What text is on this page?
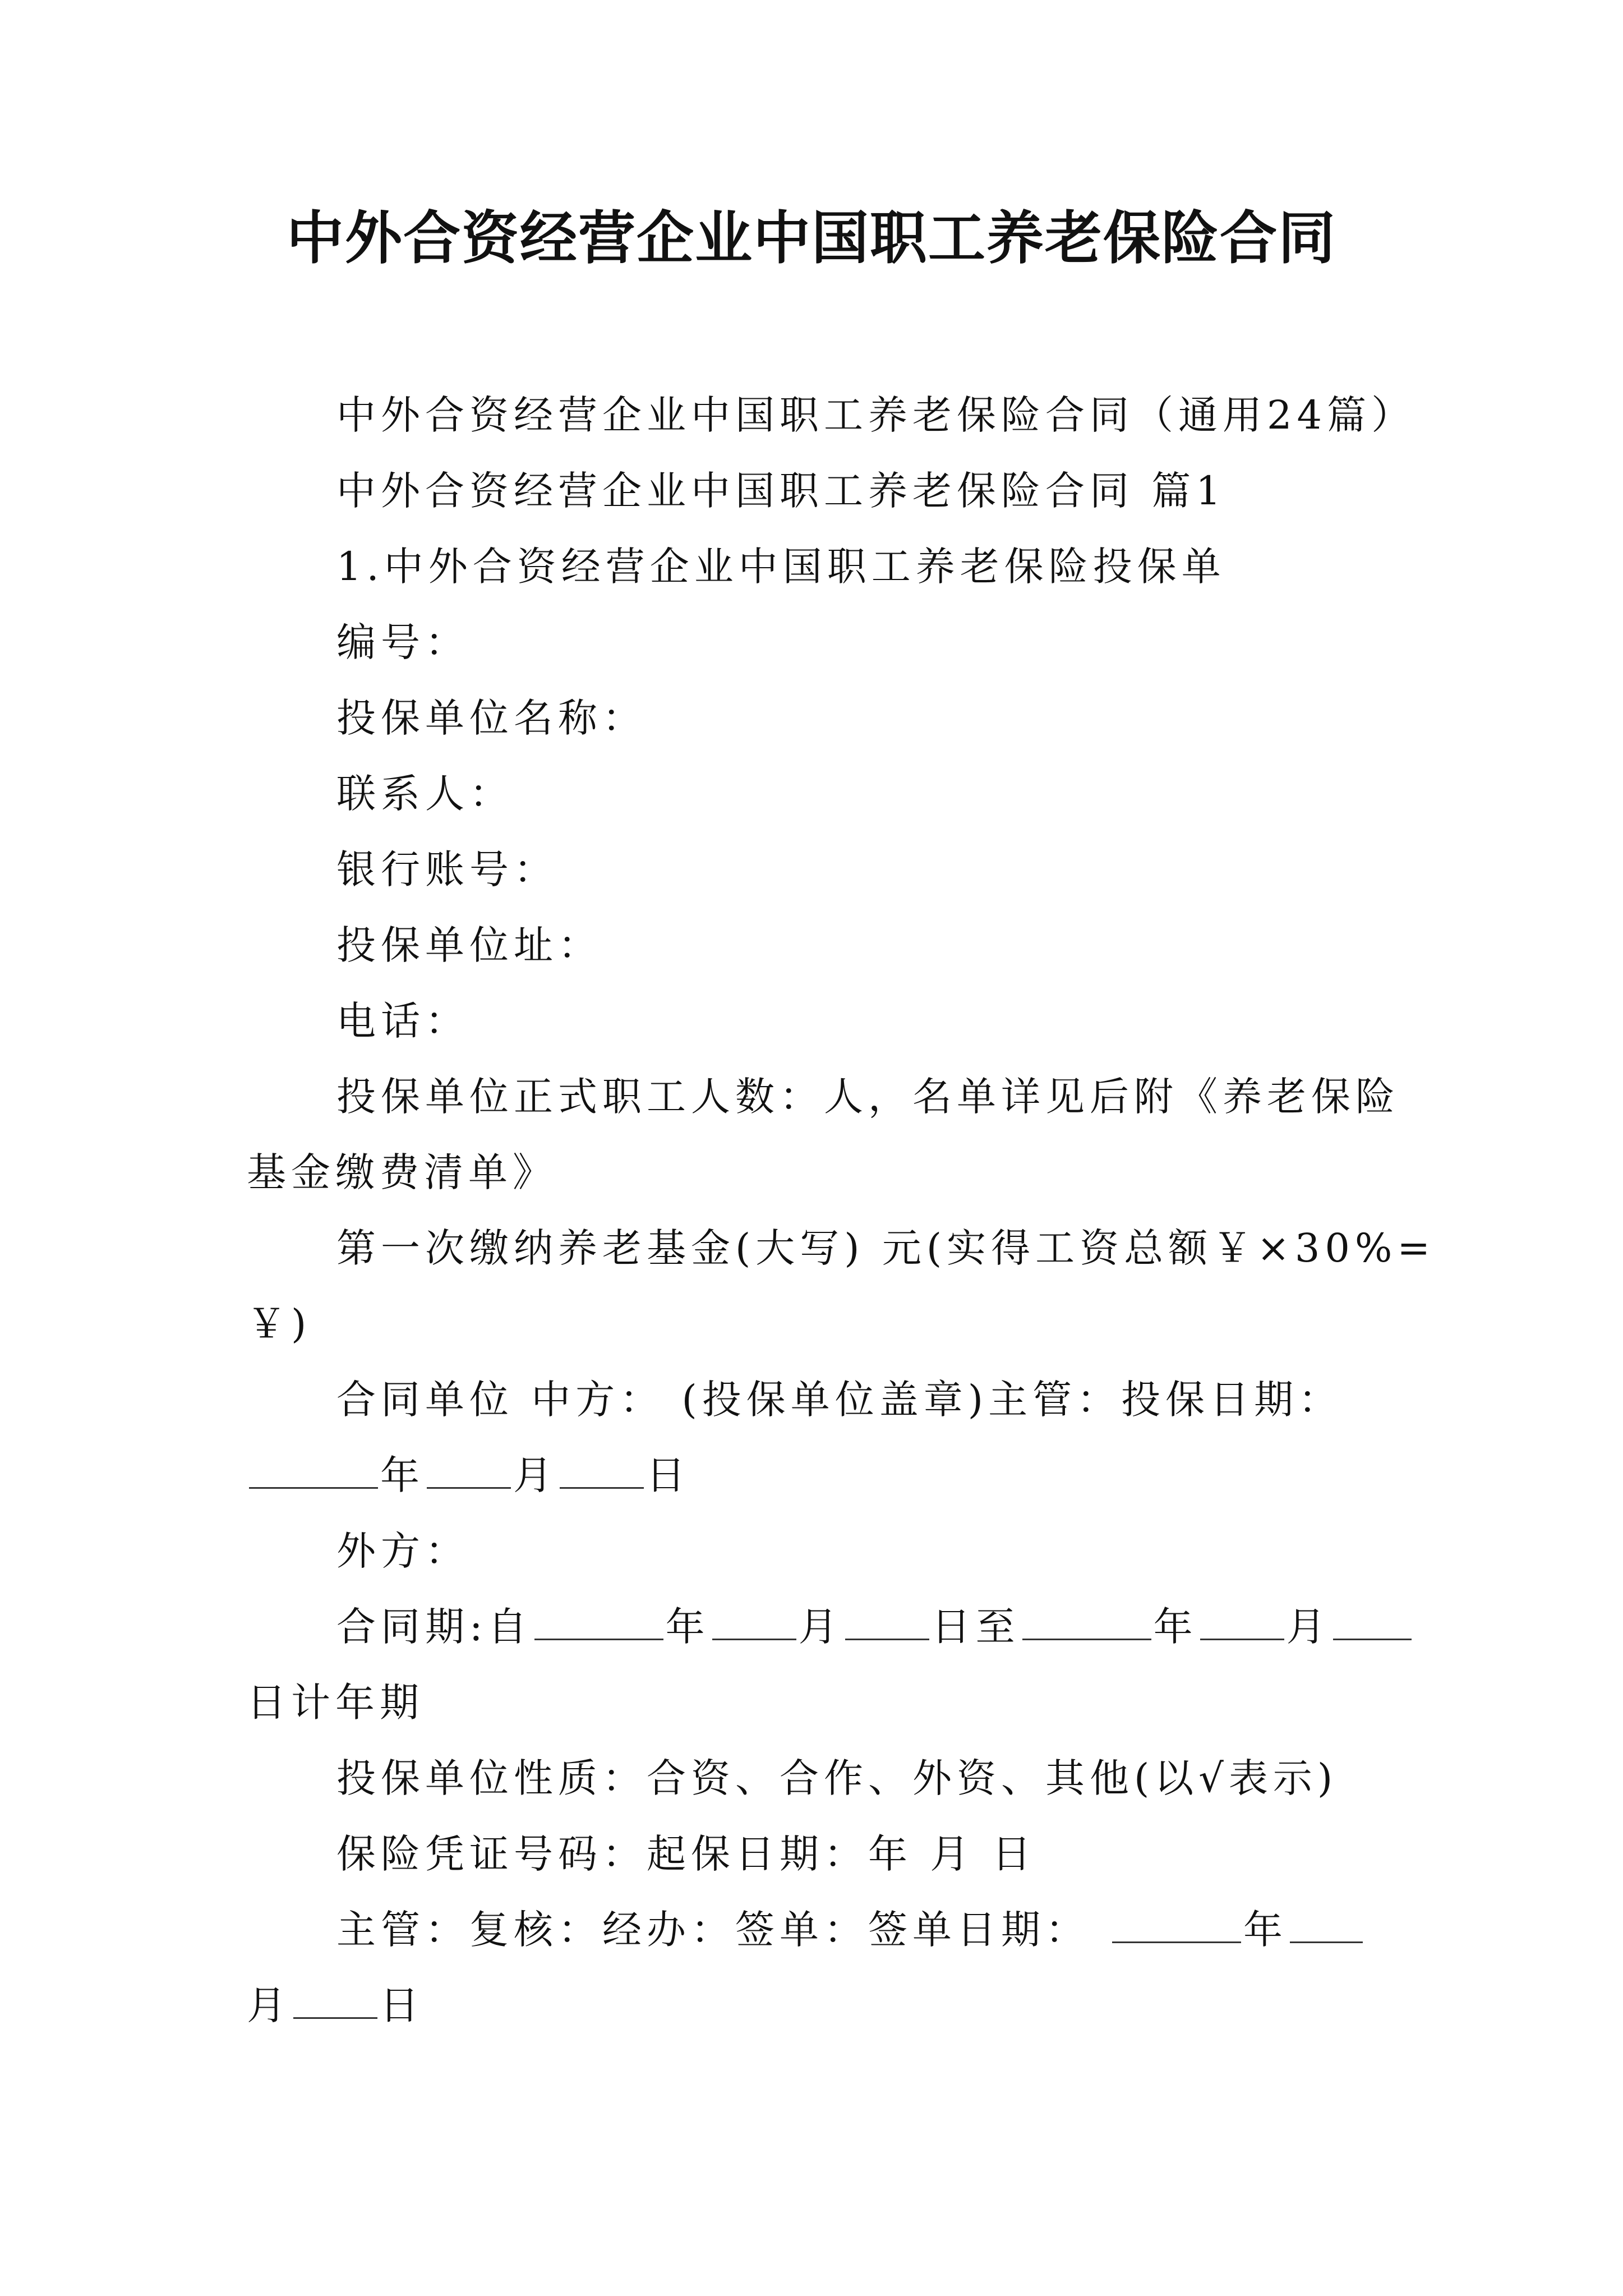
中外合资经营企业中国职工养老保险合同
中外合资经营企业中国职工养老保险合同（通用24篇）
中外合资经营企业中国职工养老保险合同 篇1
1.中外合资经营企业中国职工养老保险投保单
编号：
投保单位名称：
联系人：
银行账号：
投保单位址：
电话：
投保单位正式职工人数：人，名单详见后附《养老保险
基金缴费清单》
第一次缴纳养老基金(大写) 元(实得工资总额￥×30%=
￥)
合同单位 中方： (投保单位盖章)主管：投保日期：
年 月 日
外方：
合同期:自	年 月 日至	年 月
日计年期
投保单位性质：合资、合作、外资、其他(以√表示)
保险凭证号码：起保日期：年 月 日
主管：复核：经办：签单：签单日期：	年
月 日
